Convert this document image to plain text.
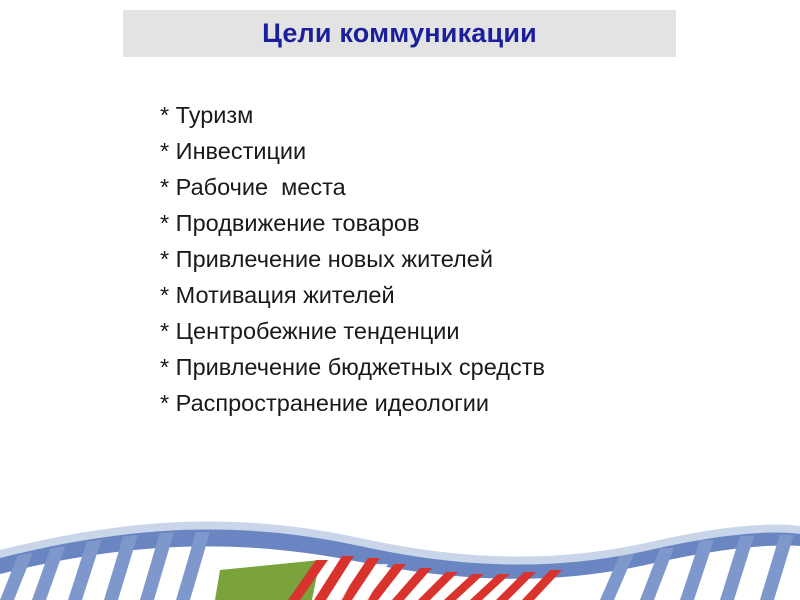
Цели коммуникации
* Туризм
* Инвестиции
* Рабочие  места
* Продвижение товаров
* Привлечение новых жителей
* Мотивация жителей
* Центробежние тенденции
* Привлечение бюджетных средств
* Распространение идеологии
